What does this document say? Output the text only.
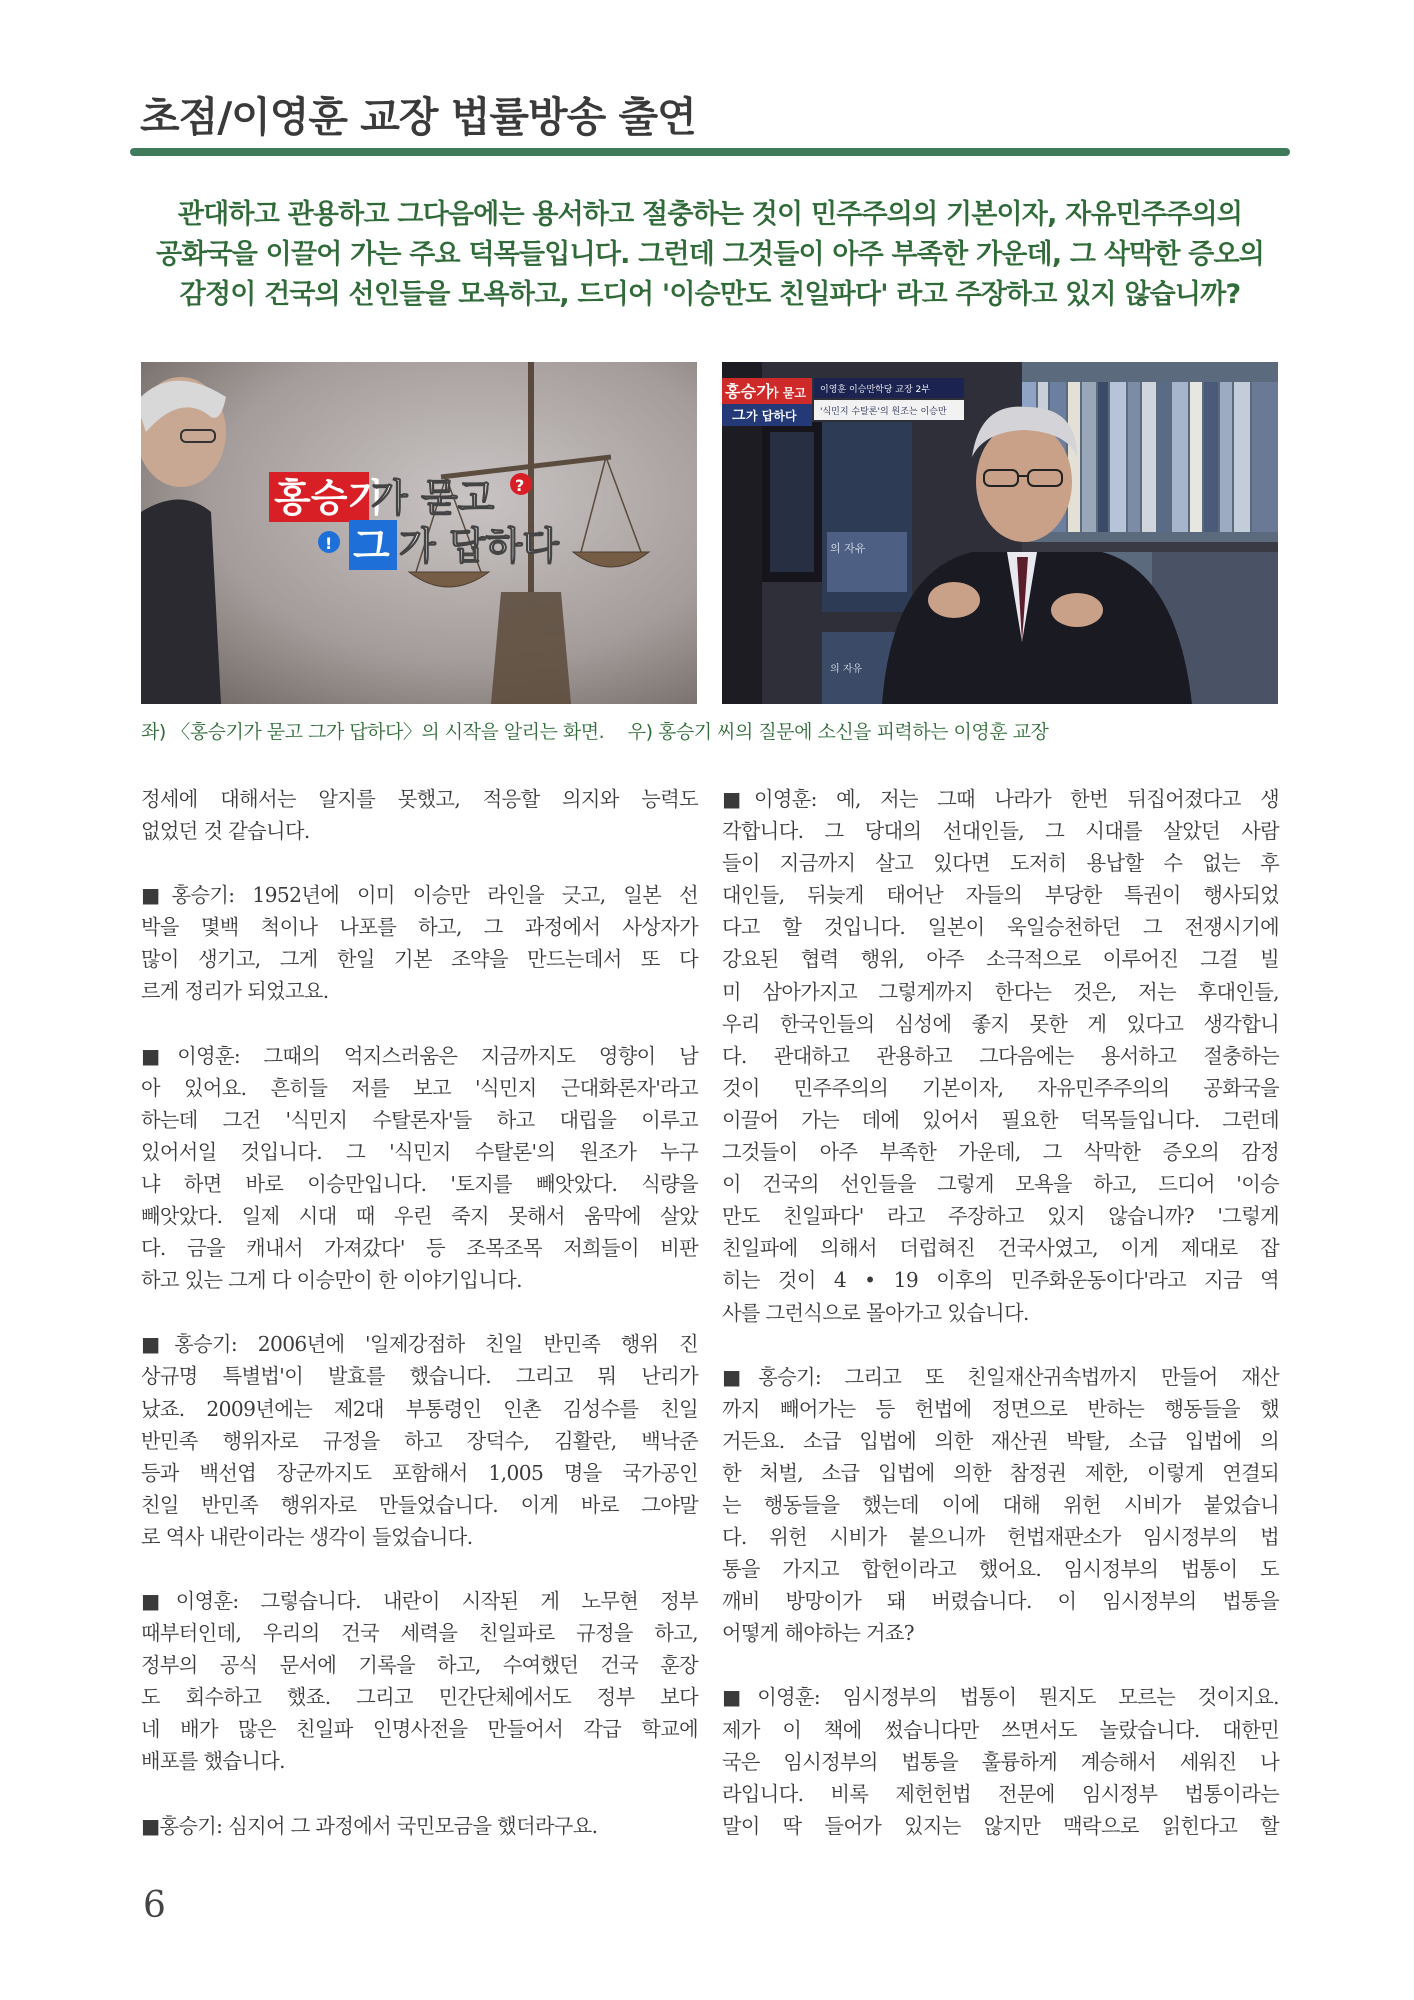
초점/이영훈 교장 법률방송 출연
관대하고 관용하고 그다음에는 용서하고 절충하는 것이 민주주의의 기본이자, 자유민주주의의
공화국을 이끌어 가는 주요 덕목들입니다. 그런데 그것들이 아주 부족한 가운데, 그 삭막한 증오의
감정이 건국의 선인들을 모욕하고, 드디어 '이승만도 친일파다' 라고 주장하고 있지 않습니까?
홍승기
가 묻고 ?
! 그 가 답하다	의 자유
의 자유
홍승기
가 묻고
그 가 답하다
이영훈 이승만학당 교장 2부
'식민지 수탈론'의 원조는 이승만
좌) 〈홍승기가 묻고 그가 답하다〉의 시작을 알리는 화면. 우) 홍승기 씨의 질문에 소신을 피력하는 이영훈 교장
정세에 대해서는 알지를 못했고, 적응할 의지와 능력도
없었던 것 같습니다.
■홍승기: 1952년에 이미 이승만 라인을 긋고, 일본 선
박을 몇백 척이나 나포를 하고, 그 과정에서 사상자가
많이 생기고, 그게 한일 기본 조약을 만드는데서 또 다
르게 정리가 되었고요.
■이영훈: 그때의 억지스러움은 지금까지도 영향이 남
아 있어요. 흔히들 저를 보고 '식민지 근대화론자'라고
하는데 그건 '식민지 수탈론자'들 하고 대립을 이루고
있어서일 것입니다. 그 '식민지 수탈론'의 원조가 누구
냐 하면 바로 이승만입니다. '토지를 빼앗았다. 식량을
빼앗았다. 일제 시대 때 우린 죽지 못해서 움막에 살았
다. 금을 캐내서 가져갔다' 등 조목조목 저희들이 비판
하고 있는 그게 다 이승만이 한 이야기입니다.
■홍승기: 2006년에 '일제강점하 친일 반민족 행위 진
상규명 특별법'이 발효를 했습니다. 그리고 뭐 난리가
났죠. 2009년에는 제2대 부통령인 인촌 김성수를 친일
반민족 행위자로 규정을 하고 장덕수, 김활란, 백낙준
등과 백선엽 장군까지도 포함해서 1,005 명을 국가공인
친일 반민족 행위자로 만들었습니다. 이게 바로 그야말
로 역사 내란이라는 생각이 들었습니다.
■이영훈: 그렇습니다. 내란이 시작된 게 노무현 정부
때부터인데, 우리의 건국 세력을 친일파로 규정을 하고,
정부의 공식 문서에 기록을 하고, 수여했던 건국 훈장
도 회수하고 했죠. 그리고 민간단체에서도 정부 보다
네 배가 많은 친일파 인명사전을 만들어서 각급 학교에
배포를 했습니다.
■홍승기: 심지어 그 과정에서 국민모금을 했더라구요.
■이영훈: 예, 저는 그때 나라가 한번 뒤집어졌다고 생
각합니다. 그 당대의 선대인들, 그 시대를 살았던 사람
들이 지금까지 살고 있다면 도저히 용납할 수 없는 후
대인들, 뒤늦게 태어난 자들의 부당한 특권이 행사되었
다고 할 것입니다. 일본이 욱일승천하던 그 전쟁시기에
강요된 협력 행위, 아주 소극적으로 이루어진 그걸 빌
미 삼아가지고 그렇게까지 한다는 것은, 저는 후대인들,
우리 한국인들의 심성에 좋지 못한 게 있다고 생각합니
다. 관대하고 관용하고 그다음에는 용서하고 절충하는
것이 민주주의의 기본이자, 자유민주주의의 공화국을
이끌어 가는 데에 있어서 필요한 덕목들입니다. 그런데
그것들이 아주 부족한 가운데, 그 삭막한 증오의 감정
이 건국의 선인들을 그렇게 모욕을 하고, 드디어 '이승
만도 친일파다' 라고 주장하고 있지 않습니까? '그렇게
친일파에 의해서 더럽혀진 건국사였고, 이게 제대로 잡
히는 것이 4 • 19 이후의 민주화운동이다'라고 지금 역
사를 그런식으로 몰아가고 있습니다.
■홍승기: 그리고 또 친일재산귀속법까지 만들어 재산
까지 빼어가는 등 헌법에 정면으로 반하는 행동들을 했
거든요. 소급 입법에 의한 재산권 박탈, 소급 입법에 의
한 처벌, 소급 입법에 의한 참정권 제한, 이렇게 연결되
는 행동들을 했는데 이에 대해 위헌 시비가 붙었습니
다. 위헌 시비가 붙으니까 헌법재판소가 임시정부의 법
통을 가지고 합헌이라고 했어요. 임시정부의 법통이 도
깨비 방망이가 돼 버렸습니다. 이 임시정부의 법통을
어떻게 해야하는 거죠?
■이영훈: 임시정부의 법통이 뭔지도 모르는 것이지요.
제가 이 책에 썼습니다만 쓰면서도 놀랐습니다. 대한민
국은 임시정부의 법통을 훌륭하게 계승해서 세워진 나
라입니다. 비록 제헌헌법 전문에 임시정부 법통이라는
말이 딱 들어가 있지는 않지만 맥락으로 읽힌다고 할
6
